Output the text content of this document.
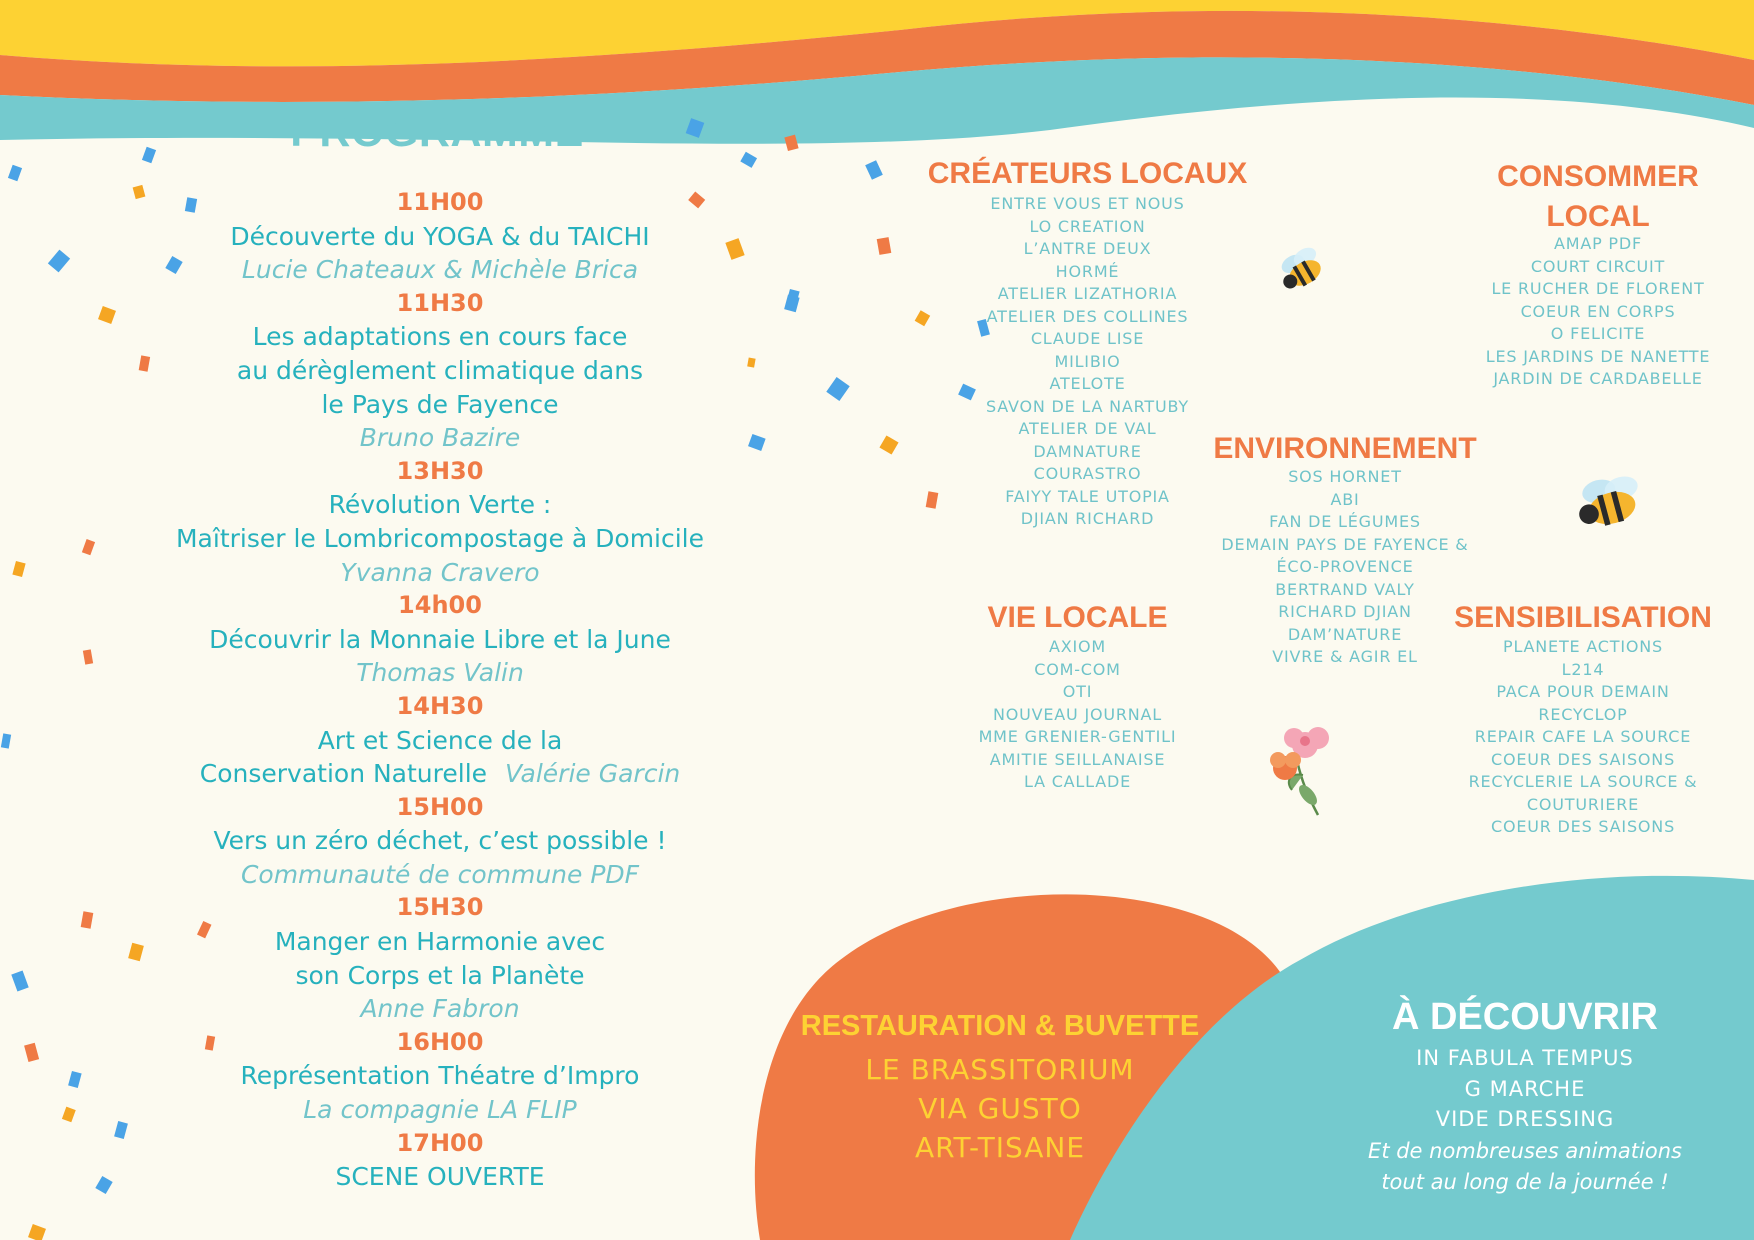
PROGRAMME
11H00
Découverte du YOGA & du TAICHI
Lucie Chateaux & Michèle Brica
11H30
Les adaptations en cours face
au dérèglement climatique dans
le Pays de Fayence
Bruno Bazire
13H30
Révolution Verte :
Maîtriser le Lombricompostage à Domicile
Yvanna Cravero
14h00
Découvrir la Monnaie Libre et la June
Thomas Valin
14H30
Art et Science de la
Conservation Naturelle Valérie Garcin
15H00
Vers un zéro déchet, c’est possible !
Communauté de commune PDF
15H30
Manger en Harmonie avec
son Corps et la Planète
Anne Fabron
16H00
Représentation Théatre d’Impro
La compagnie LA FLIP
17H00
SCENE OUVERTE
CRÉATEURS LOCAUX
ENTRE VOUS ET NOUS
LO CREATION
L’ANTRE DEUX
HORMÉ
ATELIER LIZATHORIA
ATELIER DES COLLINES
CLAUDE LISE
MILIBIO
ATELOTE
SAVON DE LA NARTUBY
ATELIER DE VAL
DAMNATURE
COURASTRO
FAIYY TALE UTOPIA
DJIAN RICHARD
CONSOMMER
LOCAL
AMAP PDF
COURT CIRCUIT
LE RUCHER DE FLORENT
COEUR EN CORPS
O FELICITE
LES JARDINS DE NANETTE
JARDIN DE CARDABELLE
ENVIRONNEMENT
SOS HORNET
ABI
FAN DE LÉGUMES
DEMAIN PAYS DE FAYENCE &
ÉCO-PROVENCE
BERTRAND VALY
RICHARD DJIAN
DAM’NATURE
VIVRE & AGIR EL
VIE LOCALE
AXIOM
COM-COM
OTI
NOUVEAU JOURNAL
MME GRENIER-GENTILI
AMITIE SEILLANAISE
LA CALLADE
SENSIBILISATION
PLANETE ACTIONS
L214
PACA POUR DEMAIN
RECYCLOP
REPAIR CAFE LA SOURCE
COEUR DES SAISONS
RECYCLERIE LA SOURCE &
COUTURIERE
COEUR DES SAISONS
RESTAURATION & BUVETTE
LE BRASSITORIUM
VIA GUSTO
ART-TISANE
À DÉCOUVRIR
IN FABULA TEMPUS
G MARCHE
VIDE DRESSING
Et de nombreuses animations
tout au long de la journée !
